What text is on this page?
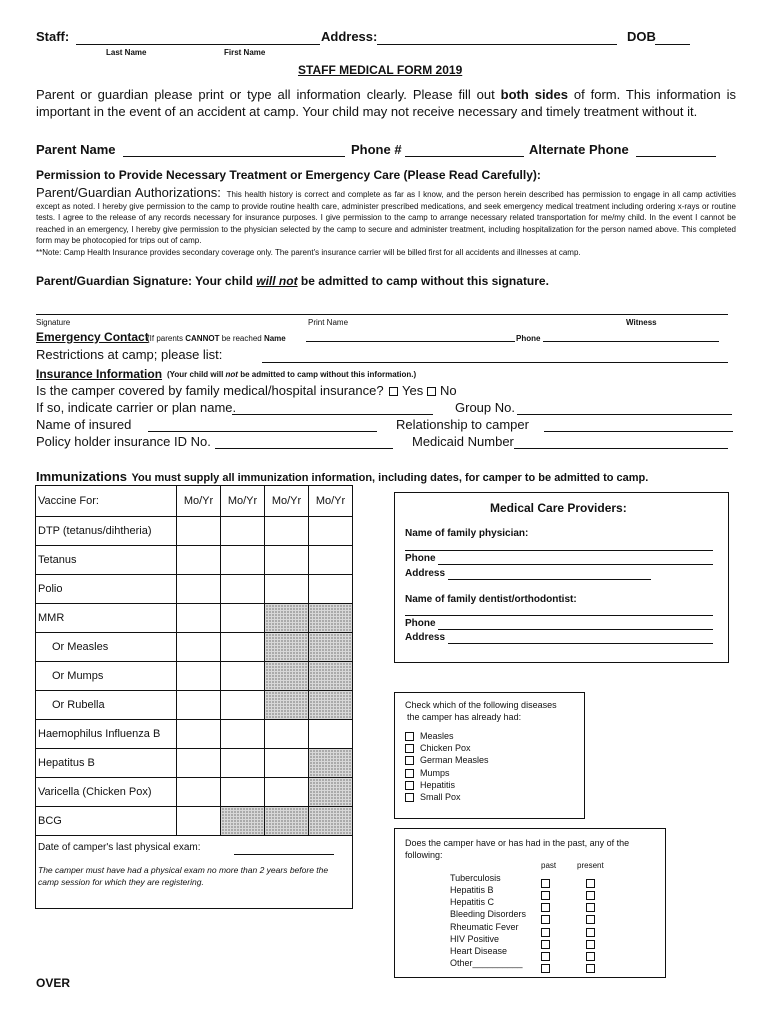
Staff:	Address:	DOB
Last Name	First Name
STAFF MEDICAL FORM 2019
Parent or guardian please print or type all information clearly. Please fill out both sides of form. This information is important in the event of an accident at camp. Your child may not receive necessary and timely treatment without it.
Parent Name	Phone #	Alternate Phone
Permission to Provide Necessary Treatment or Emergency Care (Please Read Carefully):
Parent/Guardian Authorizations: This health history is correct and complete as far as I know, and the person herein described has permission to engage in all camp activities except as noted. I hereby give permission to the camp to provide routine health care, administer prescribed medications, and seek emergency medical treatment including ordering x-rays or routine tests. I agree to the release of any records necessary for insurance purposes. I give permission to the camp to arrange necessary related transportation for me/my child. In the event I cannot be reached in an emergency, I hereby give permission to the physician selected by the camp to secure and administer treatment, including hospitalization for the person named above. This completed form may be photocopied for trips out of camp.
**Note: Camp Health Insurance provides secondary coverage only. The parent's insurance carrier will be billed first for all accidents and illnesses at camp.
Parent/Guardian Signature: Your child will not be admitted to camp without this signature.
Signature	Print Name	Witness
Emergency Contact
(If parents CANNOT be reached Name	Phone
Restrictions at camp; please list:
Insurance Information (Your child will not be admitted to camp without this information.)
Is the camper covered by family medical/hospital insurance?	Yes	No
If so, indicate carrier or plan name.	Group No.
Name of insured	Relationship to camper
Policy holder insurance ID No.	Medicaid Number
Immunizations You must supply all immunization information, including dates, for camper to be admitted to camp.
Vaccine For:	Mo/Yr	Mo/Yr	Mo/Yr	Mo/Yr
DTP (tetanus/dihtheria)				
Tetanus				
Polio				
MMR				
Or Measles				
Or Mumps				
Or Rubella				
Haemophilus Influenza B				
Hepatitus B				
Varicella (Chicken Pox)				
BCG				

Date of camper's last physical exam:
The camper must have had a physical exam no more than 2 years before the camp session for which they are registering.				
Medical Care Providers:
Name of family physician:
Phone
Address
Name of family dentist/orthodontist:
Phone
Address
Check which of the following diseases
the camper has already had:
Measles
Chicken Pox
German Measles
Mumps
Hepatitis
Small Pox
Does the camper have or has had in the past, any of the following:
past	present
Tuberculosis
Hepatitis B
Hepatitis C
Bleeding Disorders
Rheumatic Fever
HIV Positive
Heart Disease
Other__________
OVER
